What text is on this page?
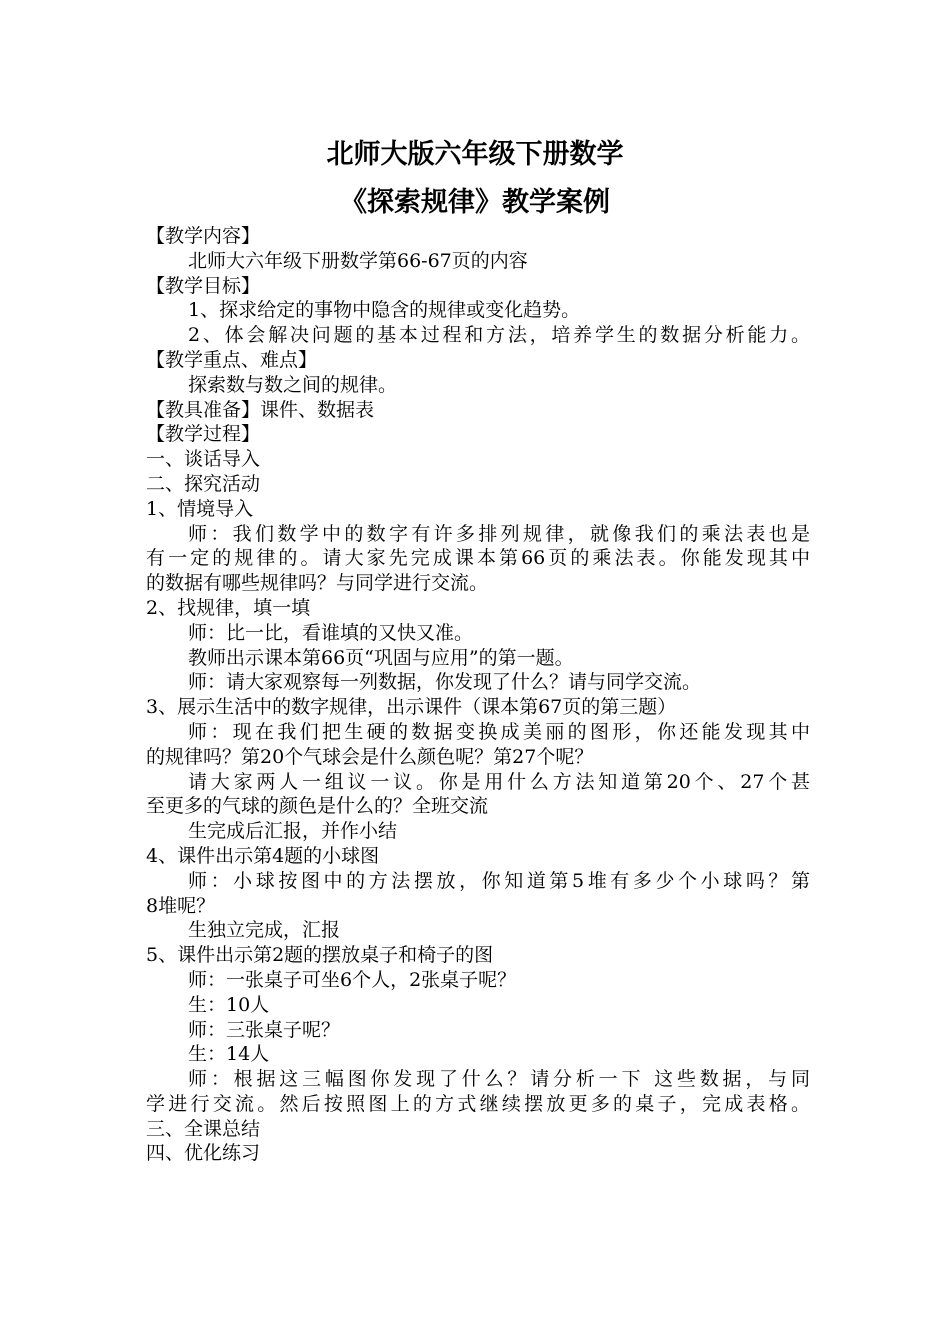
北师大版六年级下册数学
《探索规律》教学案例
【教学内容】
北师大六年级下册数学第66-67页的内容
【教学目标】
1、探求给定的事物中隐含的规律或变化趋势。
2、体会解决问题的基本过程和方法，培养学生的数据分析能力。
【教学重点、难点】
探索数与数之间的规律。
【教具准备】课件、数据表
【教学过程】
一、谈话导入
二、探究活动
1、情境导入
师：我们数学中的数字有许多排列规律，就像我们的乘法表也是
有一定的规律的。请大家先完成课本第66页的乘法表。你能发现其中
的数据有哪些规律吗？与同学进行交流。
2、找规律，填一填
师：比一比，看谁填的又快又准。
教师出示课本第66页“巩固与应用”的第一题。
师：请大家观察每一列数据，你发现了什么？请与同学交流。
3、展示生活中的数字规律，出示课件（课本第67页的第三题）
师：现在我们把生硬的数据变换成美丽的图形，你还能发现其中
的规律吗？第20个气球会是什么颜色呢？第27个呢？
请大家两人一组议一议。你是用什么方法知道第20个、27个甚
至更多的气球的颜色是什么的？全班交流
生完成后汇报，并作小结
4、课件出示第4题的小球图
师：小球按图中的方法摆放，你知道第5堆有多少个小球吗？第
8堆呢？
生独立完成，汇报
5、课件出示第2题的摆放桌子和椅子的图
师：一张桌子可坐6个人，2张桌子呢？
生：10人
师：三张桌子呢？
生：14人
师：根据这三幅图你发现了什么？请分析一下 这些数据，与同
学进行交流。然后按照图上的方式继续摆放更多的桌子，完成表格。
三、全课总结
四、优化练习
